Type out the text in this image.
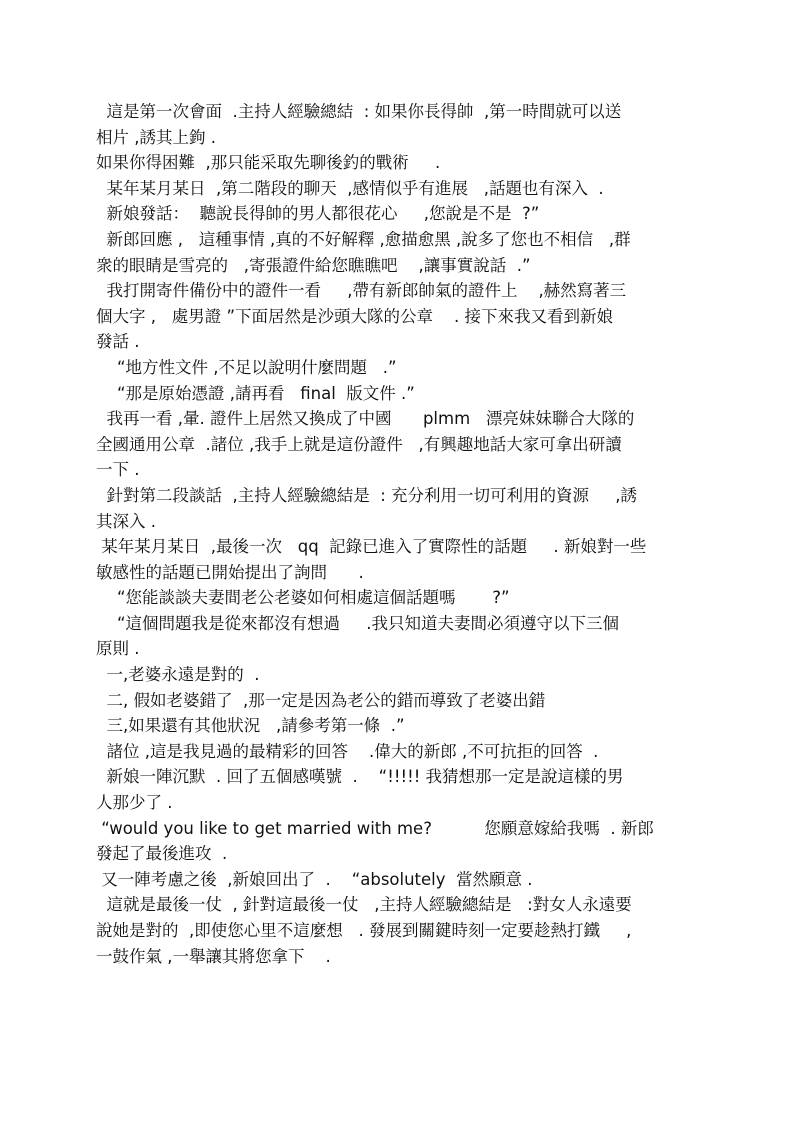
這是第一次會面  .主持人經驗總結  : 如果你長得帥  ,第一時間就可以送
相片 ,誘其上鉤 .
如果你得困難  ,那只能采取先聊後釣的戰術     .
某年某月某日  ,第二階段的聊天  ,感情似乎有進展   ,話題也有深入  .
新娘發話：  聽說長得帥的男人都很花心     ,您說是不是  ?”
新郎回應 ,   這種事情 ,真的不好解釋 ,愈描愈黑 ,說多了您也不相信   ,群
衆的眼睛是雪亮的   ,寄張證件給您瞧瞧吧    ,讓事實說話  .”
我打開寄件備份中的證件一看     ,帶有新郎帥氣的證件上    ,赫然寫著三
個大字 ,   處男證 ”下面居然是沙頭大隊的公章    . 接下來我又看到新娘
發話 .
“地方性文件 ,不足以說明什麼問題   .”
“那是原始憑證 ,請再看   final  版文件 .”
我再一看 ,暈. 證件上居然又換成了中國      plmm   漂亮妹妹聯合大隊的
全國通用公章  .諸位 ,我手上就是這份證件   ,有興趣地話大家可拿出研讀
一下 .
針對第二段談話  ,主持人經驗總結是  : 充分利用一切可利用的資源     ,誘
其深入 .
某年某月某日  ,最後一次   qq  記錄已進入了實際性的話題     . 新娘對一些
敏感性的話題已開始提出了詢問      .
“您能談談夫妻間老公老婆如何相處這個話題嗎       ?”
“這個問題我是從來都沒有想過     .我只知道夫妻間必須遵守以下三個
原則 .
一,老婆永遠是對的  .
二, 假如老婆錯了  ,那一定是因為老公的錯而導致了老婆出錯
三,如果還有其他狀況   ,請參考第一條  .”
諸位 ,這是我見過的最精彩的回答    .偉大的新郎 ,不可抗拒的回答  .
新娘一陣沉默  . 回了五個感嘆號  .    “!!!!! 我猜想那一定是說這樣的男
人那少了 .
“would you like to get married with me?          您願意嫁給我嗎  . 新郎
發起了最後進攻  .
又一陣考慮之後  ,新娘回出了  .    “absolutely  當然願意 .
這就是最後一仗  , 針對這最後一仗   ,主持人經驗總結是   :對女人永遠要
說她是對的  ,即使您心里不這麼想   . 發展到關鍵時刻一定要趁熱打鐵     ,
一鼓作氣 ,一舉讓其將您拿下    .
